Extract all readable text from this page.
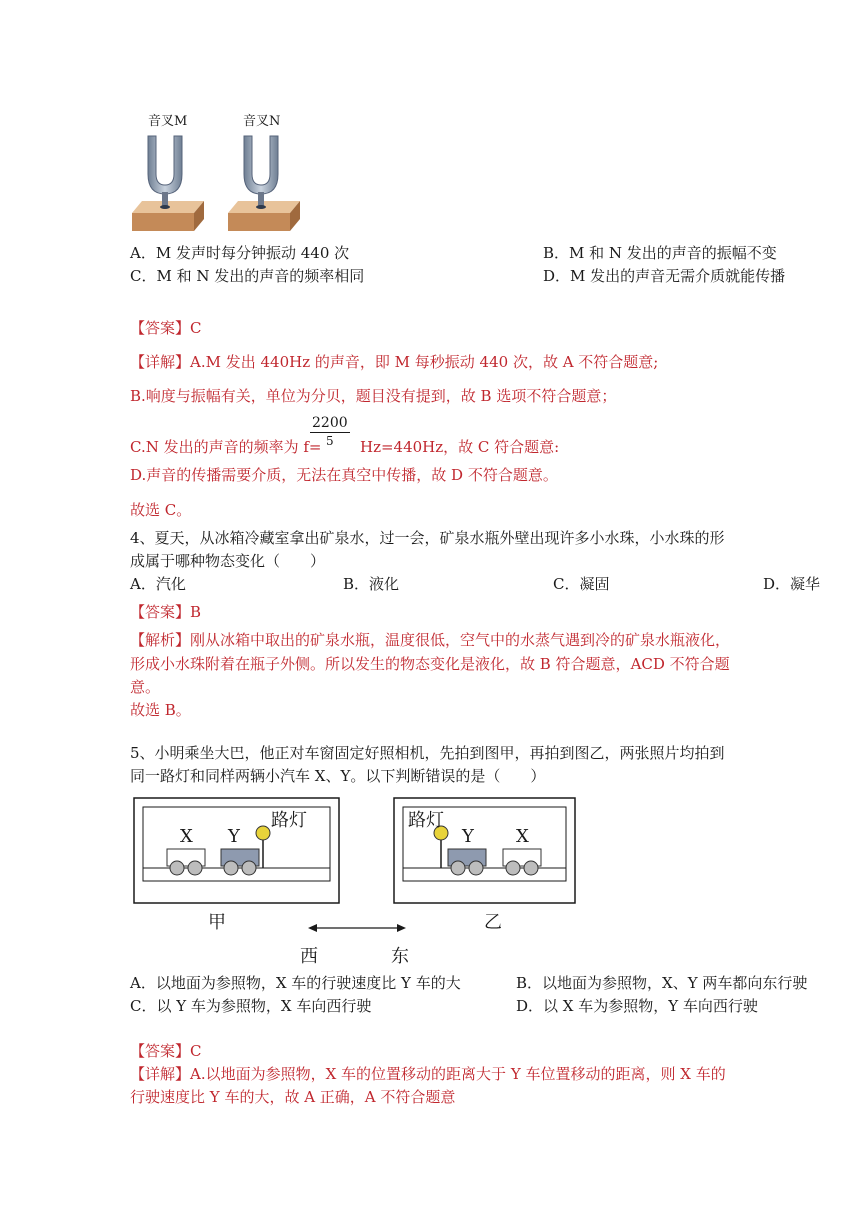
音叉M	音叉N
A．M 发声时每分钟振动 440 次	B．M 和 N 发出的声音的振幅不变
C．M 和 N 发出的声音的频率相同	D．M 发出的声音无需介质就能传播
【答案】C
【详解】A.M 发出 440Hz 的声音，即 M 每秒振动 440 次，故 A 不符合题意;
B.响度与振幅有关，单位为分贝，题目没有提到，故 B 选项不符合题意；
C.N 发出的声音的频率为 f=
$\frac{2200}{5} Hz=440Hz$，故 C 符合题意:
D.声音的传播需要介质，无法在真空中传播，故 D 不符合题意。
故选 C。
4、夏天，从冰箱冷藏室拿出矿泉水，过一会，矿泉水瓶外壁出现许多小水珠，小水珠的形
成属于哪种物态变化（　　）
A．汽化	B．液化	C．凝固	D．凝华
【答案】B
【解析】刚从冰箱中取出的矿泉水瓶，温度很低，空气中的水蒸气遇到冷的矿泉水瓶液化，
形成小水珠附着在瓶子外侧。所以发生的物态变化是液化，故 B 符合题意，ACD 不符合题
意。
故选 B。
5、小明乘坐大巴，他正对车窗固定好照相机，先拍到图甲，再拍到图乙，两张照片均拍到
同一路灯和同样两辆小汽车 X、Y。以下判断错误的是（　　）
X Y
路灯
甲
路灯
Y X
乙
西	东
A．以地面为参照物，X 车的行驶速度比 Y 车的大	B．以地面为参照物，X、Y 两车都向东行驶
C．以 Y 车为参照物，X 车向西行驶	D．以 X 车为参照物，Y 车向西行驶
【答案】C
【详解】A.以地面为参照物，X 车的位置移动的距离大于 Y 车位置移动的距离，则 X 车的
行驶速度比 Y 车的大，故 A 正确，A 不符合题意
